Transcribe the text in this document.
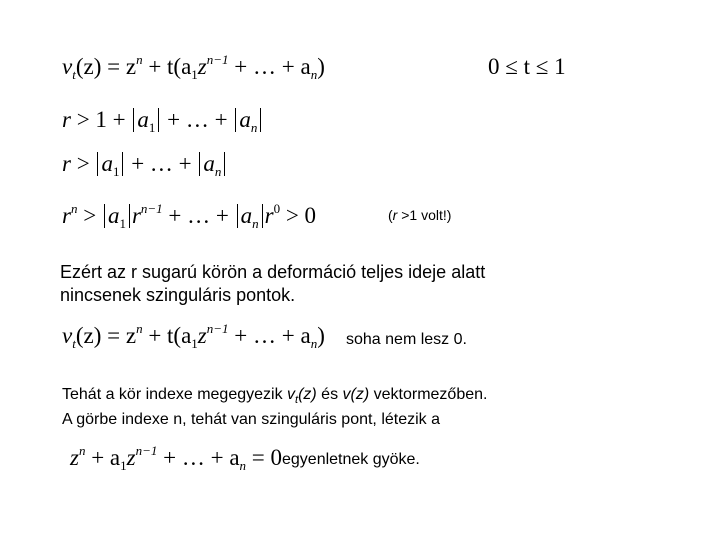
$v_t(z) = z^n + t(a_1z^{n-1}$ + … + $a_n$)	0 ≤ t ≤ 1
$r > 1 + a_1$ + … + $a_n$
$r > a_1$ + … + $a_n$
$r^n > a_1$ $r^{n-1}$ + … + $a_n$ $r^0 > 0$	(r >1 volt!)
Ezért az r sugarú körön a deformáció teljes ideje alatt
nincsenek szinguláris pontok.
$v_t(z) = z^n + t(a_1z^{n-1}$ + … + $a_n$) soha nem lesz 0.
Tehát a kör indexe megegyezik $v_t(z)$ és v(z) vektormezőben.
A görbe indexe n, tehát van szinguláris pont, létezik a
$z^n + a_1z^{n-1}$ + … + $a_n = 0$ egyenletnek gyöke.
